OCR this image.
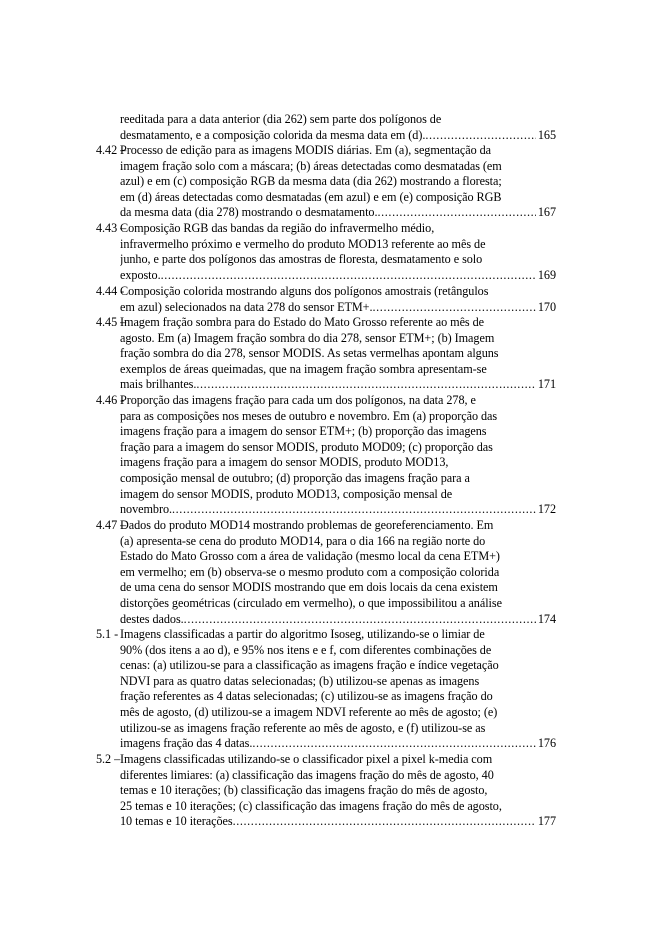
reeditada para a data anterior (dia 262) sem parte dos polígonos de
desmatamento, e a composição colorida da mesma data em (d). .....	165
4.42 –
Processo de edição para as imagens MODIS diárias. Em (a), segmentação da
imagem fração solo com a máscara; (b) áreas detectadas como desmatadas (em
azul) e em (c) composição RGB da mesma data (dia 262) mostrando a floresta;
em (d) áreas detectadas como desmatadas (em azul) e em (e) composição RGB
da mesma data (dia 278) mostrando o desmatamento. .....	167
4.43 –
Composição RGB das bandas da região do infravermelho médio,
infravermelho próximo e vermelho do produto MOD13 referente ao mês de
junho, e parte dos polígonos das amostras de floresta, desmatamento e solo
exposto. .....	169
4.44 -
Composição colorida mostrando alguns dos polígonos amostrais (retângulos
em azul) selecionados na data 278 do sensor ETM+. .....	170
4.45 –
Imagem fração sombra para do Estado do Mato Grosso referente ao mês de
agosto. Em (a) Imagem fração sombra do dia 278, sensor ETM+; (b) Imagem
fração sombra do dia 278, sensor MODIS. As setas vermelhas apontam alguns
exemplos de áreas queimadas, que na imagem fração sombra apresentam-se
mais brilhantes. .....	171
4.46 -
Proporção das imagens fração para cada um dos polígonos, na data 278, e
para as composições nos meses de outubro e novembro. Em (a) proporção das
imagens fração para a imagem do sensor ETM+; (b) proporção das imagens
fração para a imagem do sensor MODIS, produto MOD09; (c) proporção das
imagens fração para a imagem do sensor MODIS, produto MOD13,
composição mensal de outubro; (d) proporção das imagens fração para a
imagem do sensor MODIS, produto MOD13, composição mensal de
novembro. .....	172
4.47 –
Dados do produto MOD14 mostrando problemas de georeferenciamento. Em
(a) apresenta-se cena do produto MOD14, para o dia 166 na região norte do
Estado do Mato Grosso com a área de validação (mesmo local da cena ETM+)
em vermelho; em (b) observa-se o mesmo produto com a composição colorida
de uma cena do sensor MODIS mostrando que em dois locais da cena existem
distorções geométricas (circulado em vermelho), o que impossibilitou a análise
destes dados. .....	174
5.1 - Imagens classificadas a partir do algoritmo Isoseg, utilizando-se o limiar de
90% (dos itens a ao d), e 95% nos itens e e f, com diferentes combinações de
cenas: (a) utilizou-se para a classificação as imagens fração e índice vegetação
NDVI para as quatro datas selecionadas; (b) utilizou-se apenas as imagens
fração referentes as 4 datas selecionadas; (c) utilizou-se as imagens fração do
mês de agosto, (d) utilizou-se a imagem NDVI referente ao mês de agosto; (e)
utilizou-se as imagens fração referente ao mês de agosto, e (f) utilizou-se as
imagens fração das 4 datas. .....	176
5.2 – Imagens classificadas utilizando-se o classificador pixel a pixel k-media com
diferentes limiares: (a) classificação das imagens fração do mês de agosto, 40
temas e 10 iterações; (b) classificação das imagens fração do mês de agosto,
25 temas e 10 iterações; (c) classificação das imagens fração do mês de agosto,
10 temas e 10 iterações .....	177
